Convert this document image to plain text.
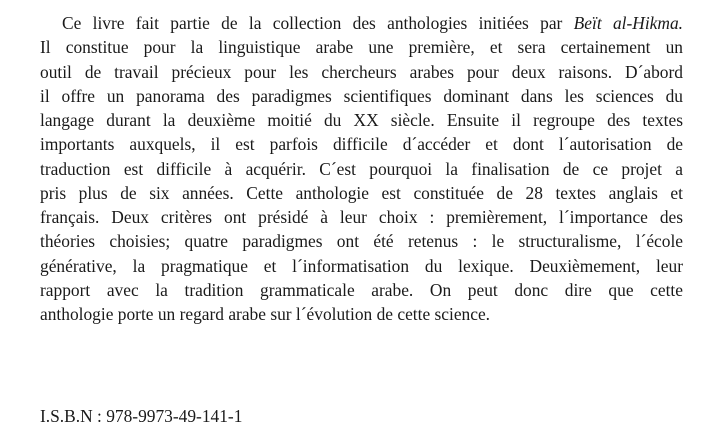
Ce livre fait partie de la collection des anthologies initiées par Beït al-Hikma.
Il constitue pour la linguistique arabe une première, et sera certainement un
outil de travail précieux pour les chercheurs arabes pour deux raisons. D´abord
il offre un panorama des paradigmes scientifiques dominant dans les sciences du
langage durant la deuxième moitié du XX siècle. Ensuite il regroupe des textes
importants auxquels, il est parfois difficile d´accéder et dont l´autorisation de
traduction est difficile à acquérir. C´est pourquoi la finalisation de ce projet a
pris plus de six années. Cette anthologie est constituée de 28 textes anglais et
français. Deux critères ont présidé à leur choix : premièrement, l´importance des
théories choisies; quatre paradigmes ont été retenus : le structuralisme, l´école
générative, la pragmatique et l´informatisation du lexique. Deuxièmement, leur
rapport avec la tradition grammaticale arabe. On peut donc dire que cette
anthologie porte un regard arabe sur l´évolution de cette science.
I.S.B.N : 978-9973-49-141-1
